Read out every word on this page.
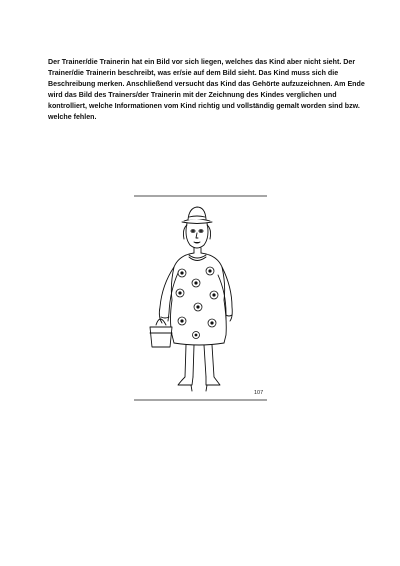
Der Trainer/die Trainerin hat ein Bild vor sich liegen, welches das Kind aber nicht sieht. Der Trainer/die Trainerin beschreibt, was er/sie auf dem Bild sieht. Das Kind muss sich die Beschreibung merken. Anschließend versucht das Kind das Gehörte aufzuzeichnen. Am Ende wird das Bild des Trainers/der Trainerin mit der Zeichnung des Kindes verglichen und kontrolliert, welche Informationen vom Kind richtig und vollständig gemalt worden sind bzw. welche fehlen.

107
